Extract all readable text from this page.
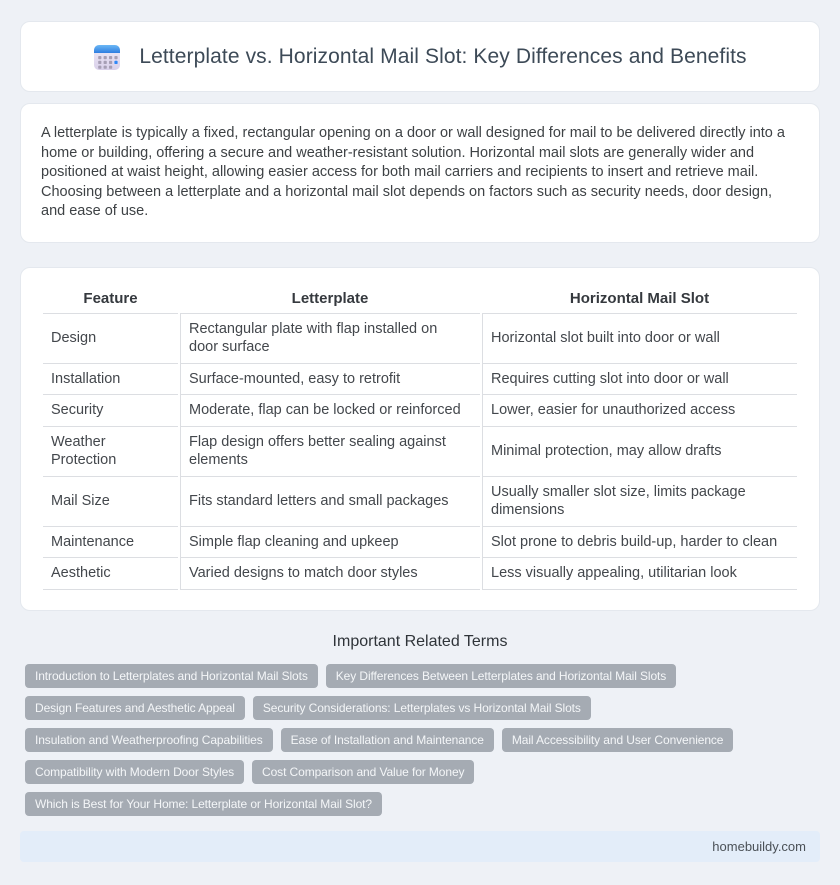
Letterplate vs. Horizontal Mail Slot: Key Differences and Benefits

A letterplate is typically a fixed, rectangular opening on a door or wall designed for mail to be delivered directly into a home or building, offering a secure and weather-resistant solution. Horizontal mail slots are generally wider and positioned at waist height, allowing easier access for both mail carriers and recipients to insert and retrieve mail. Choosing between a letterplate and a horizontal mail slot depends on factors such as security needs, door design, and ease of use.

Feature	Letterplate	Horizontal Mail Slot
Design	Rectangular plate with flap installed on door surface	Horizontal slot built into door or wall
Installation	Surface-mounted, easy to retrofit	Requires cutting slot into door or wall
Security	Moderate, flap can be locked or reinforced	Lower, easier for unauthorized access
Weather Protection	Flap design offers better sealing against elements	Minimal protection, may allow drafts
Mail Size	Fits standard letters and small packages	Usually smaller slot size, limits package dimensions
Maintenance	Simple flap cleaning and upkeep	Slot prone to debris build-up, harder to clean
Aesthetic	Varied designs to match door styles	Less visually appealing, utilitarian look
Important Related Terms
Introduction to Letterplates and Horizontal Mail Slots	Key Differences Between Letterplates and Horizontal Mail Slots
Design Features and Aesthetic Appeal	Security Considerations: Letterplates vs Horizontal Mail Slots
Insulation and Weatherproofing Capabilities	Ease of Installation and Maintenance	Mail Accessibility and User Convenience
Compatibility with Modern Door Styles	Cost Comparison and Value for Money
Which is Best for Your Home: Letterplate or Horizontal Mail Slot?
homebuildy.com
